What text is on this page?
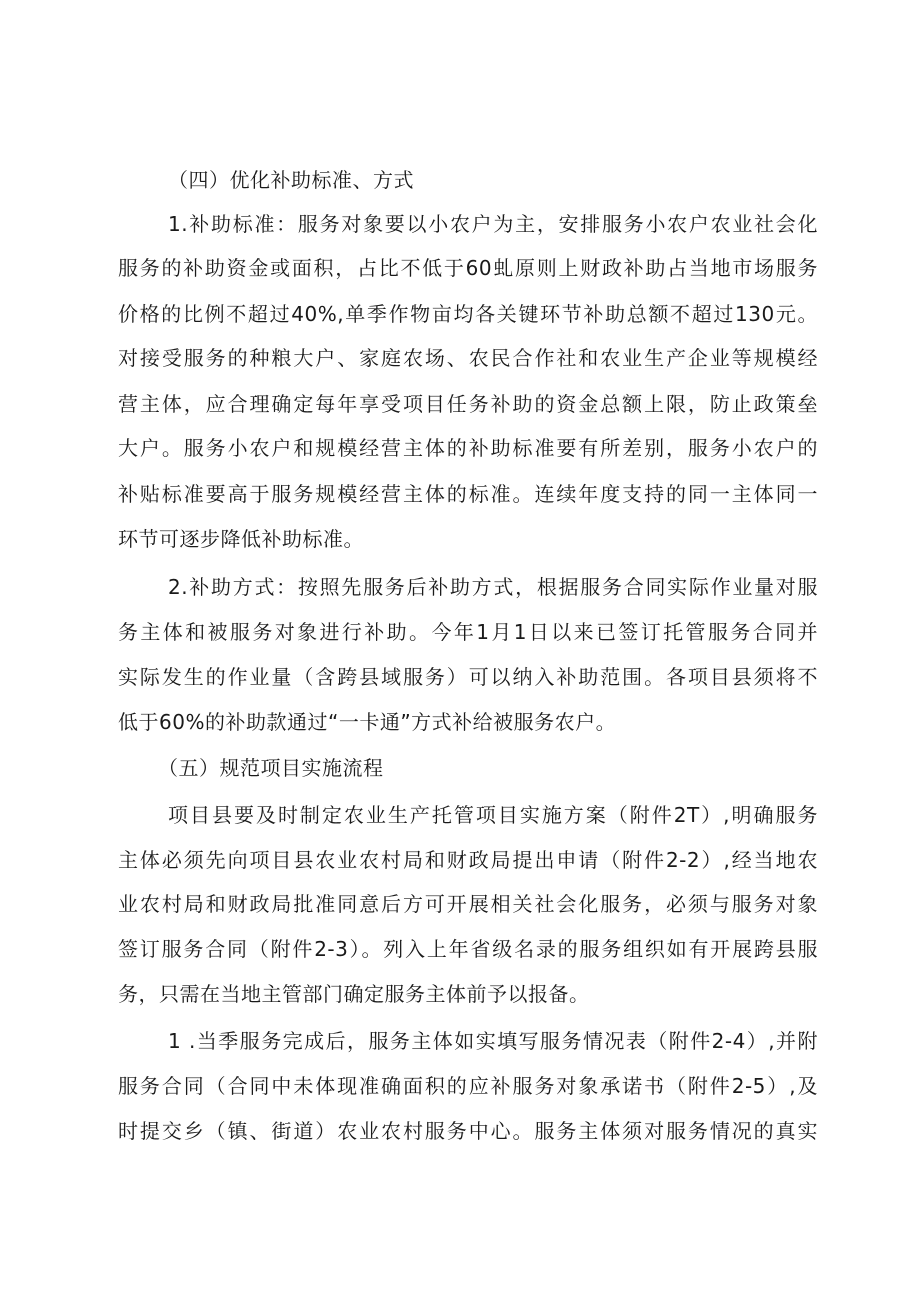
（四）优化补助标准、方式
1.补助标准：服务对象要以小农户为主，安排服务小农户农业社会化
服务的补助资金或面积，占比不低于60虬原则上财政补助占当地市场服务
价格的比例不超过40%,单季作物亩均各关键环节补助总额不超过130元。
对接受服务的种粮大户、家庭农场、农民合作社和农业生产企业等规模经
营主体，应合理确定每年享受项目任务补助的资金总额上限，防止政策垒
大户。服务小农户和规模经营主体的补助标准要有所差别，服务小农户的
补贴标准要高于服务规模经营主体的标准。连续年度支持的同一主体同一
环节可逐步降低补助标准。
2.补助方式：按照先服务后补助方式，根据服务合同实际作业量对服
务主体和被服务对象进行补助。今年1月1日以来已签订托管服务合同并
实际发生的作业量（含跨县域服务）可以纳入补助范围。各项目县须将不
低于60%的补助款通过“一卡通”方式补给被服务农户。
（五）规范项目实施流程
项目县要及时制定农业生产托管项目实施方案（附件2T）,明确服务
主体必须先向项目县农业农村局和财政局提出申请（附件2-2）,经当地农
业农村局和财政局批准同意后方可开展相关社会化服务，必须与服务对象
签订服务合同（附件2-3）。列入上年省级名录的服务组织如有开展跨县服
务，只需在当地主管部门确定服务主体前予以报备。
1 .当季服务完成后，服务主体如实填写服务情况表（附件2-4）,并附
服务合同（合同中未体现准确面积的应补服务对象承诺书（附件2-5）,及
时提交乡（镇、街道）农业农村服务中心。服务主体须对服务情况的真实
